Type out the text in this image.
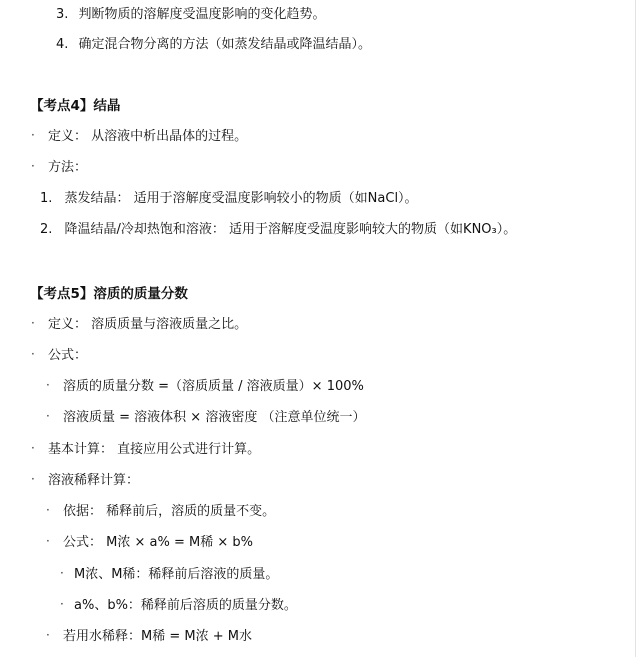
3. 判断物质的溶解度受温度影响的变化趋势。
4. 确定混合物分离的方法（如蒸发结晶或降温结晶）。
【考点4】结晶
· 定义： 从溶液中析出晶体的过程。
· 方法：
1. 蒸发结晶： 适用于溶解度受温度影响较小的物质（如NaCl）。
2. 降温结晶/冷却热饱和溶液： 适用于溶解度受温度影响较大的物质（如KNO₃）。
【考点5】溶质的质量分数
· 定义： 溶质质量与溶液质量之比。
· 公式：
· 溶质的质量分数 =（溶质质量 / 溶液质量）× 100%
· 溶液质量 = 溶液体积 × 溶液密度 （注意单位统一）
· 基本计算： 直接应用公式进行计算。
· 溶液稀释计算：
· 依据： 稀释前后，溶质的质量不变。
· 公式： M浓 × a% = M稀 × b%
· M浓、M稀：稀释前后溶液的质量。
· a%、b%：稀释前后溶质的质量分数。
· 若用水稀释：M稀 = M浓 + M水
